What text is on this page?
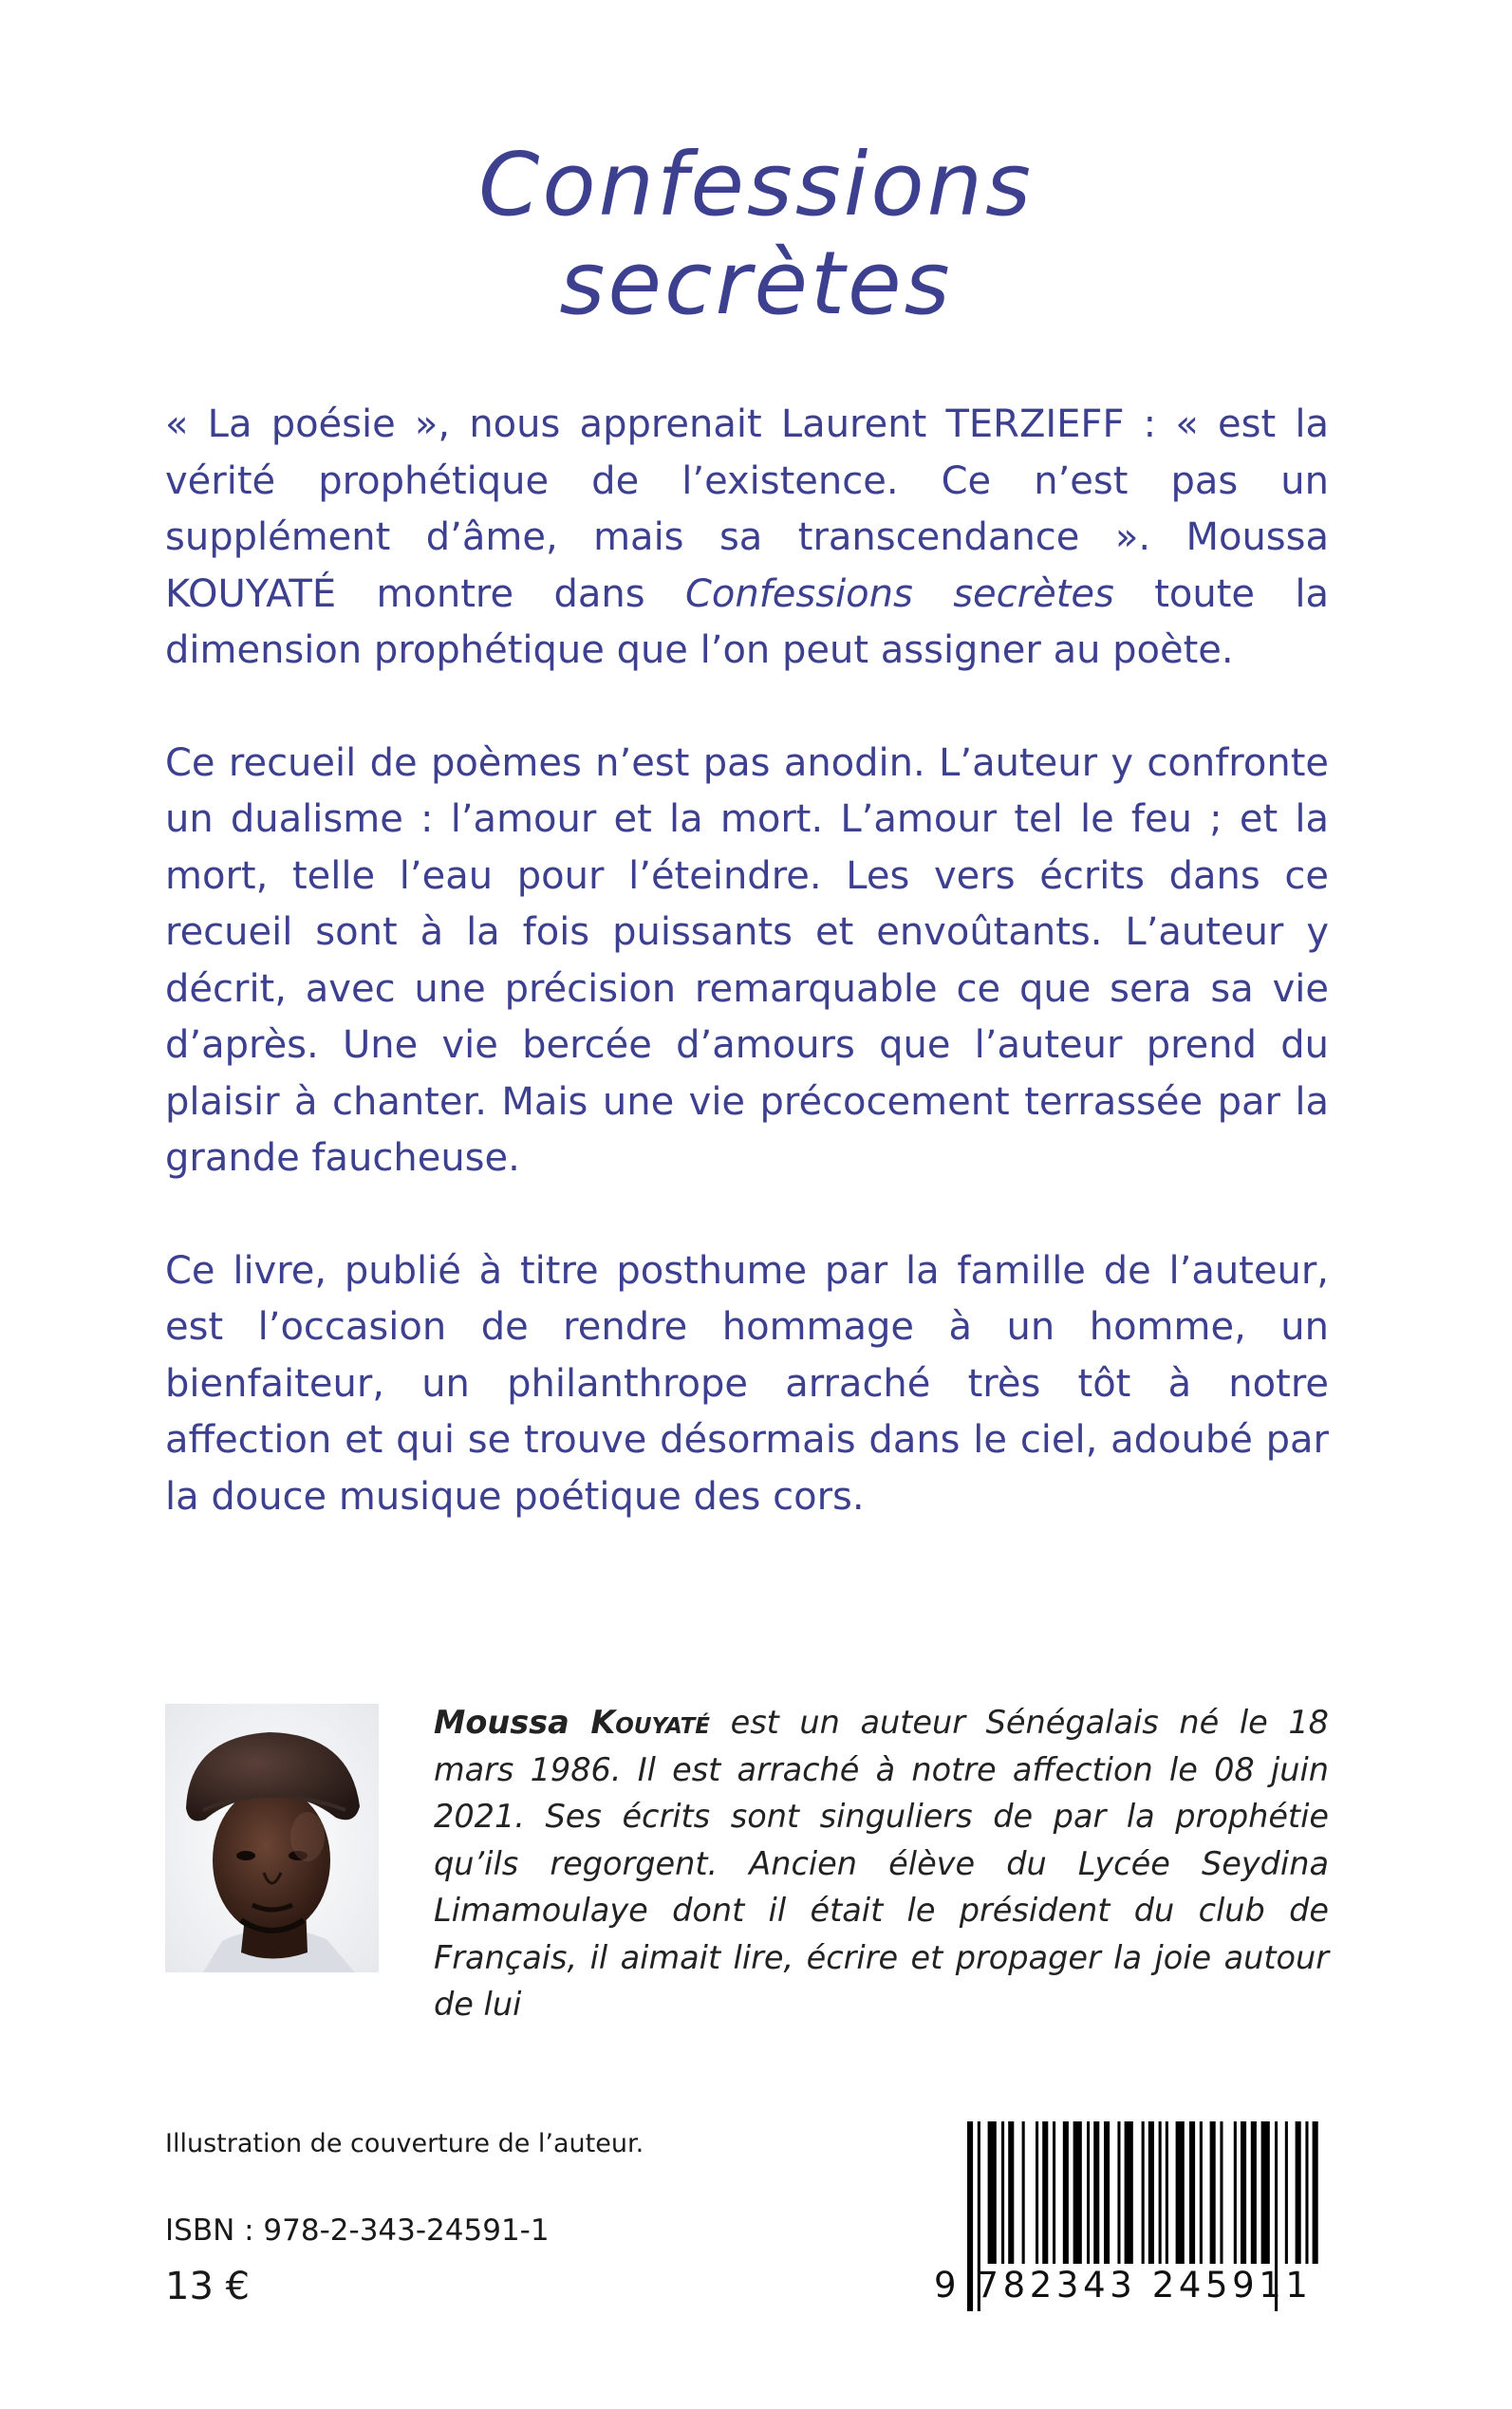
Confessions
secrètes

« La poésie », nous apprenait Laurent TERZIEFF : « est la vérité prophétique de l’existence. Ce n’est pas un supplément d’âme, mais sa transcendance ». Moussa KOUYATÉ montre dans Confessions secrètes toute la dimension prophétique que l’on peut assigner au poète.

Ce recueil de poèmes n’est pas anodin. L’auteur y confronte un dualisme : l’amour et la mort. L’amour tel le feu ; et la mort, telle l’eau pour l’éteindre. Les vers écrits dans ce recueil sont à la fois puissants et envoûtants. L’auteur y décrit, avec une précision remarquable ce que sera sa vie d’après. Une vie bercée d’amours que l’auteur prend du plaisir à chanter. Mais une vie précocement terrassée par la grande faucheuse.

Ce livre, publié à titre posthume par la famille de l’auteur, est l’occasion de rendre hommage à un homme, un bienfaiteur, un philanthrope arraché très tôt à notre affection et qui se trouve désormais dans le ciel, adoubé par la douce musique poétique des cors.

Moussa Kouyaté est un auteur Sénégalais né le 18 mars 1986. Il est arraché à notre affection le 08 juin 2021. Ses écrits sont singuliers de par la prophétie qu’ils regorgent. Ancien élève du Lycée Seydina Limamoulaye dont il était le président du club de Français, il aimait lire, écrire et propager la joie autour de lui
Illustration de couverture de l’auteur.
ISBN : 978-2-343-24591-1
13 €	9 782343 245911
